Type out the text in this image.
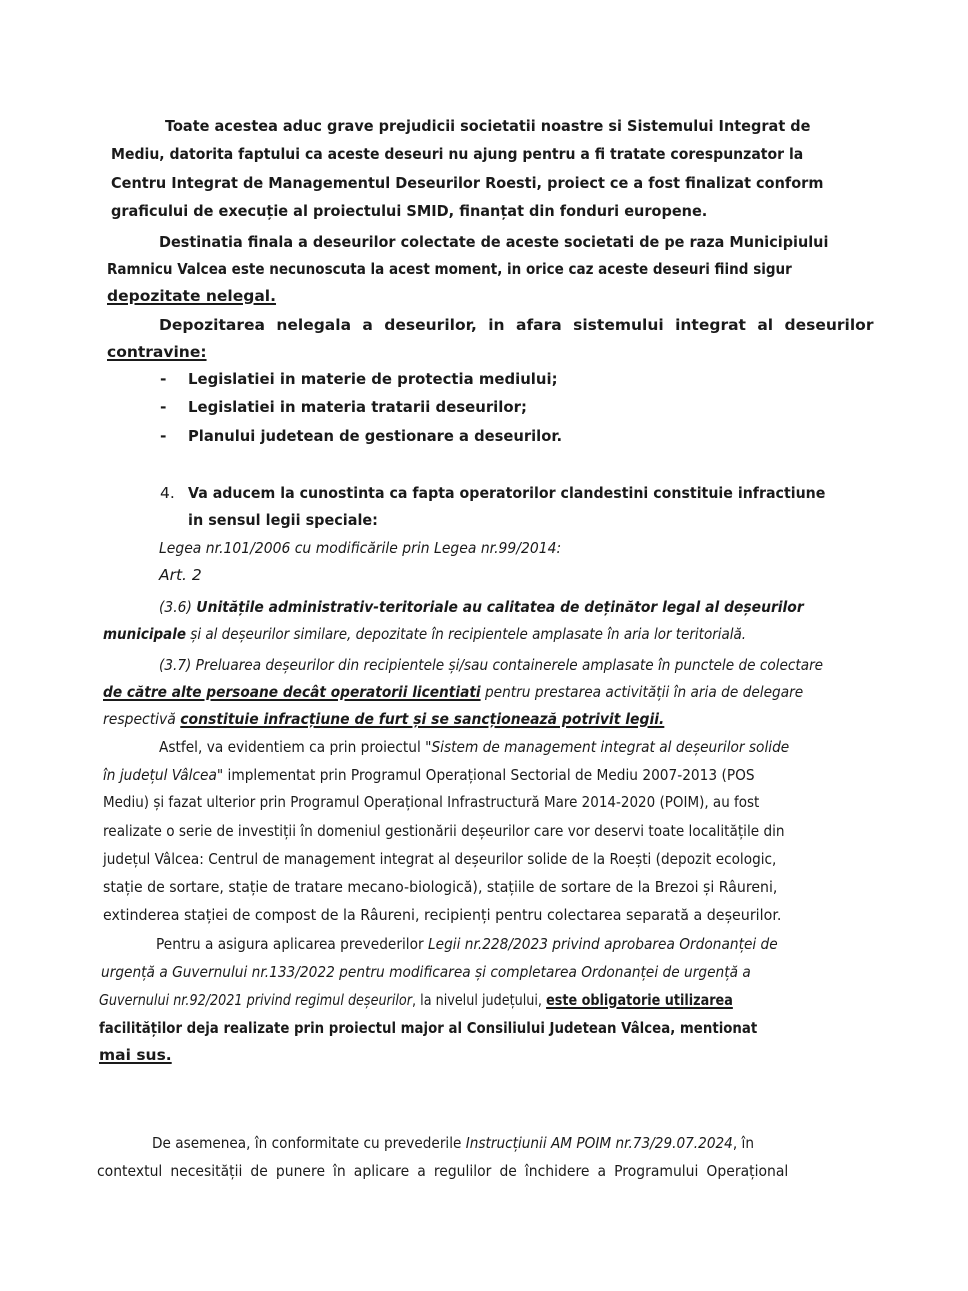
Toate acestea aduc grave prejudicii societatii noastre si Sistemului Integrat de
Mediu, datorita faptului ca aceste deseuri nu ajung pentru a fi tratate corespunzator la
Centru Integrat de Managementul Deseurilor Roesti, proiect ce a fost finalizat conform
graficului de execuție al proiectului SMID, finanțat din fonduri europene.
Destinatia finala a deseurilor colectate de aceste societati de pe raza Municipiului
Ramnicu Valcea este necunoscuta la acest moment, in orice caz aceste deseuri fiind sigur
depozitate nelegal.
Depozitarea nelegala a deseurilor, in afara sistemului integrat al deseurilor
contravine:
- Legislatiei in materie de protectia mediului;
- Legislatiei in materia tratarii deseurilor;
- Planului judetean de gestionare a deseurilor.
4. Va aducem la cunostinta ca fapta operatorilor clandestini constituie infractiune
in sensul legii speciale:
Legea nr.101/2006 cu modificările prin Legea nr.99/2014:
Art. 2
(3.6) Unitățile administrativ-teritoriale au calitatea de deținător legal al deșeurilor
municipale și al deșeurilor similare, depozitate în recipientele amplasate în aria lor teritorială.
(3.7) Preluarea deșeurilor din recipientele și/sau containerele amplasate în punctele de colectare
de către alte persoane decât operatorii licentiati pentru prestarea activității în aria de delegare
respectivă constituie infracțiune de furt și se sancționează potrivit legii.
Astfel, va evidentiem ca prin proiectul "Sistem de management integrat al deșeurilor solide
în județul Vâlcea" implementat prin Programul Operațional Sectorial de Mediu 2007-2013 (POS
Mediu) și fazat ulterior prin Programul Operațional Infrastructură Mare 2014-2020 (POIM), au fost
realizate o serie de investiții în domeniul gestionării deșeurilor care vor deservi toate localitățile din
județul Vâlcea: Centrul de management integrat al deșeurilor solide de la Roești (depozit ecologic,
stație de sortare, stație de tratare mecano-biologică), stațiile de sortare de la Brezoi și Râureni,
extinderea stației de compost de la Râureni, recipienți pentru colectarea separată a deșeurilor.
Pentru a asigura aplicarea prevederilor Legii nr.228/2023 privind aprobarea Ordonanței de
urgență a Guvernului nr.133/2022 pentru modificarea și completarea Ordonanței de urgență a
Guvernului nr.92/2021 privind regimul deșeurilor, la nivelul județului, este obligatorie utilizarea
facilităților deja realizate prin proiectul major al Consiliului Judetean Vâlcea, mentionat
mai sus.
De asemenea, în conformitate cu prevederile Instrucțiunii AM POIM nr.73/29.07.2024, în
contextul necesității de punere în aplicare a regulilor de închidere a Programului Operațional
